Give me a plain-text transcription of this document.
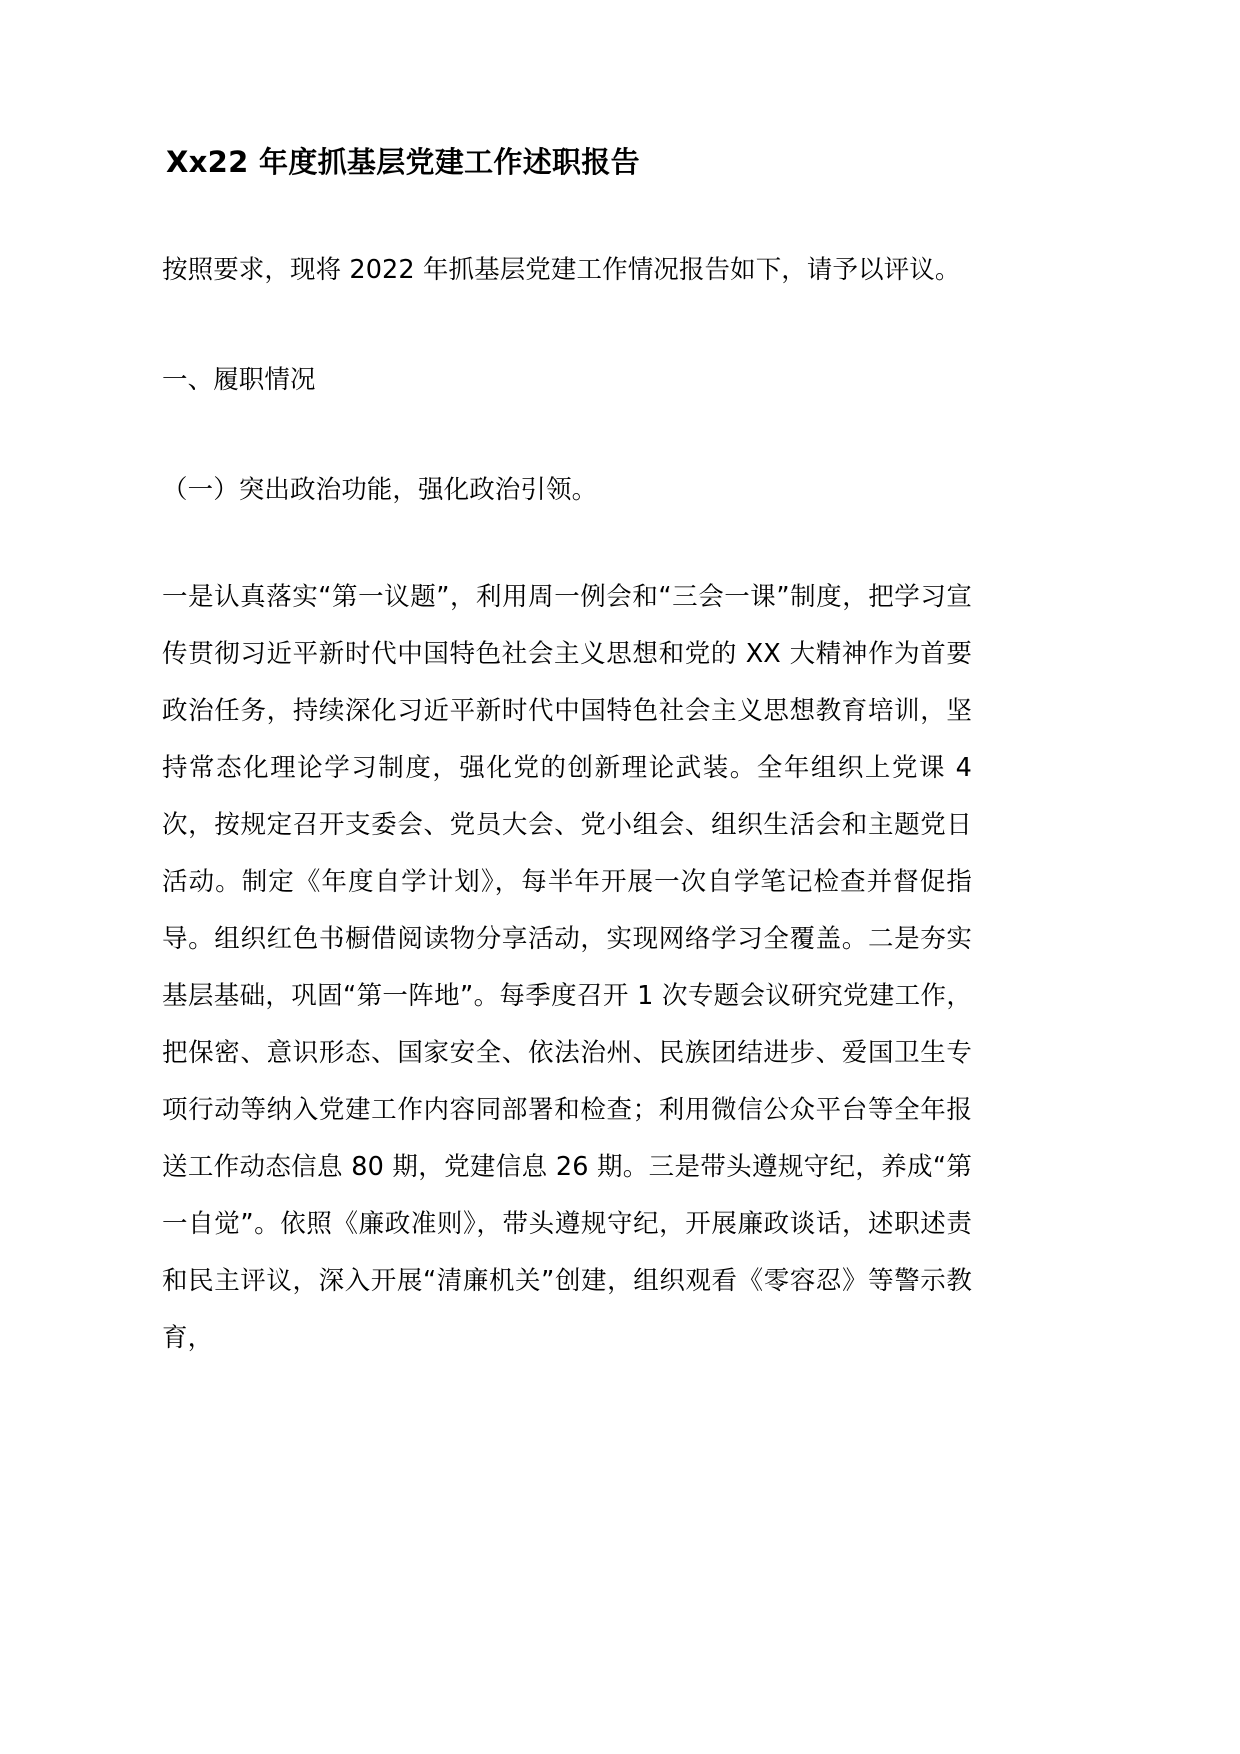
Xx22 年度抓基层党建工作述职报告

按照要求，现将 2022 年抓基层党建工作情况报告如下，请予以评议。

一、履职情况

（一）突出政治功能，强化政治引领。

一是认真落实“第一议题”，利用周一例会和“三会一课”制度，把学习宣传贯彻习近平新时代中国特色社会主义思想和党的 XX 大精神作为首要政治任务，持续深化习近平新时代中国特色社会主义思想教育培训，坚持常态化理论学习制度，强化党的创新理论武装。全年组织上党课 4 次，按规定召开支委会、党员大会、党小组会、组织生活会和主题党日活动。制定《年度自学计划》，每半年开展一次自学笔记检查并督促指导。组织红色书橱借阅读物分享活动，实现网络学习全覆盖。二是夯实基层基础，巩固“第一阵地”。每季度召开 1 次专题会议研究党建工作，把保密、意识形态、国家安全、依法治州、民族团结进步、爱国卫生专项行动等纳入党建工作内容同部署和检查；利用微信公众平台等全年报送工作动态信息 80 期，党建信息 26 期。三是带头遵规守纪，养成“第一自觉”。依照《廉政准则》，带头遵规守纪，开展廉政谈话，述职述责和民主评议，深入开展“清廉机关”创建，组织观看《零容忍》等警示教育，
